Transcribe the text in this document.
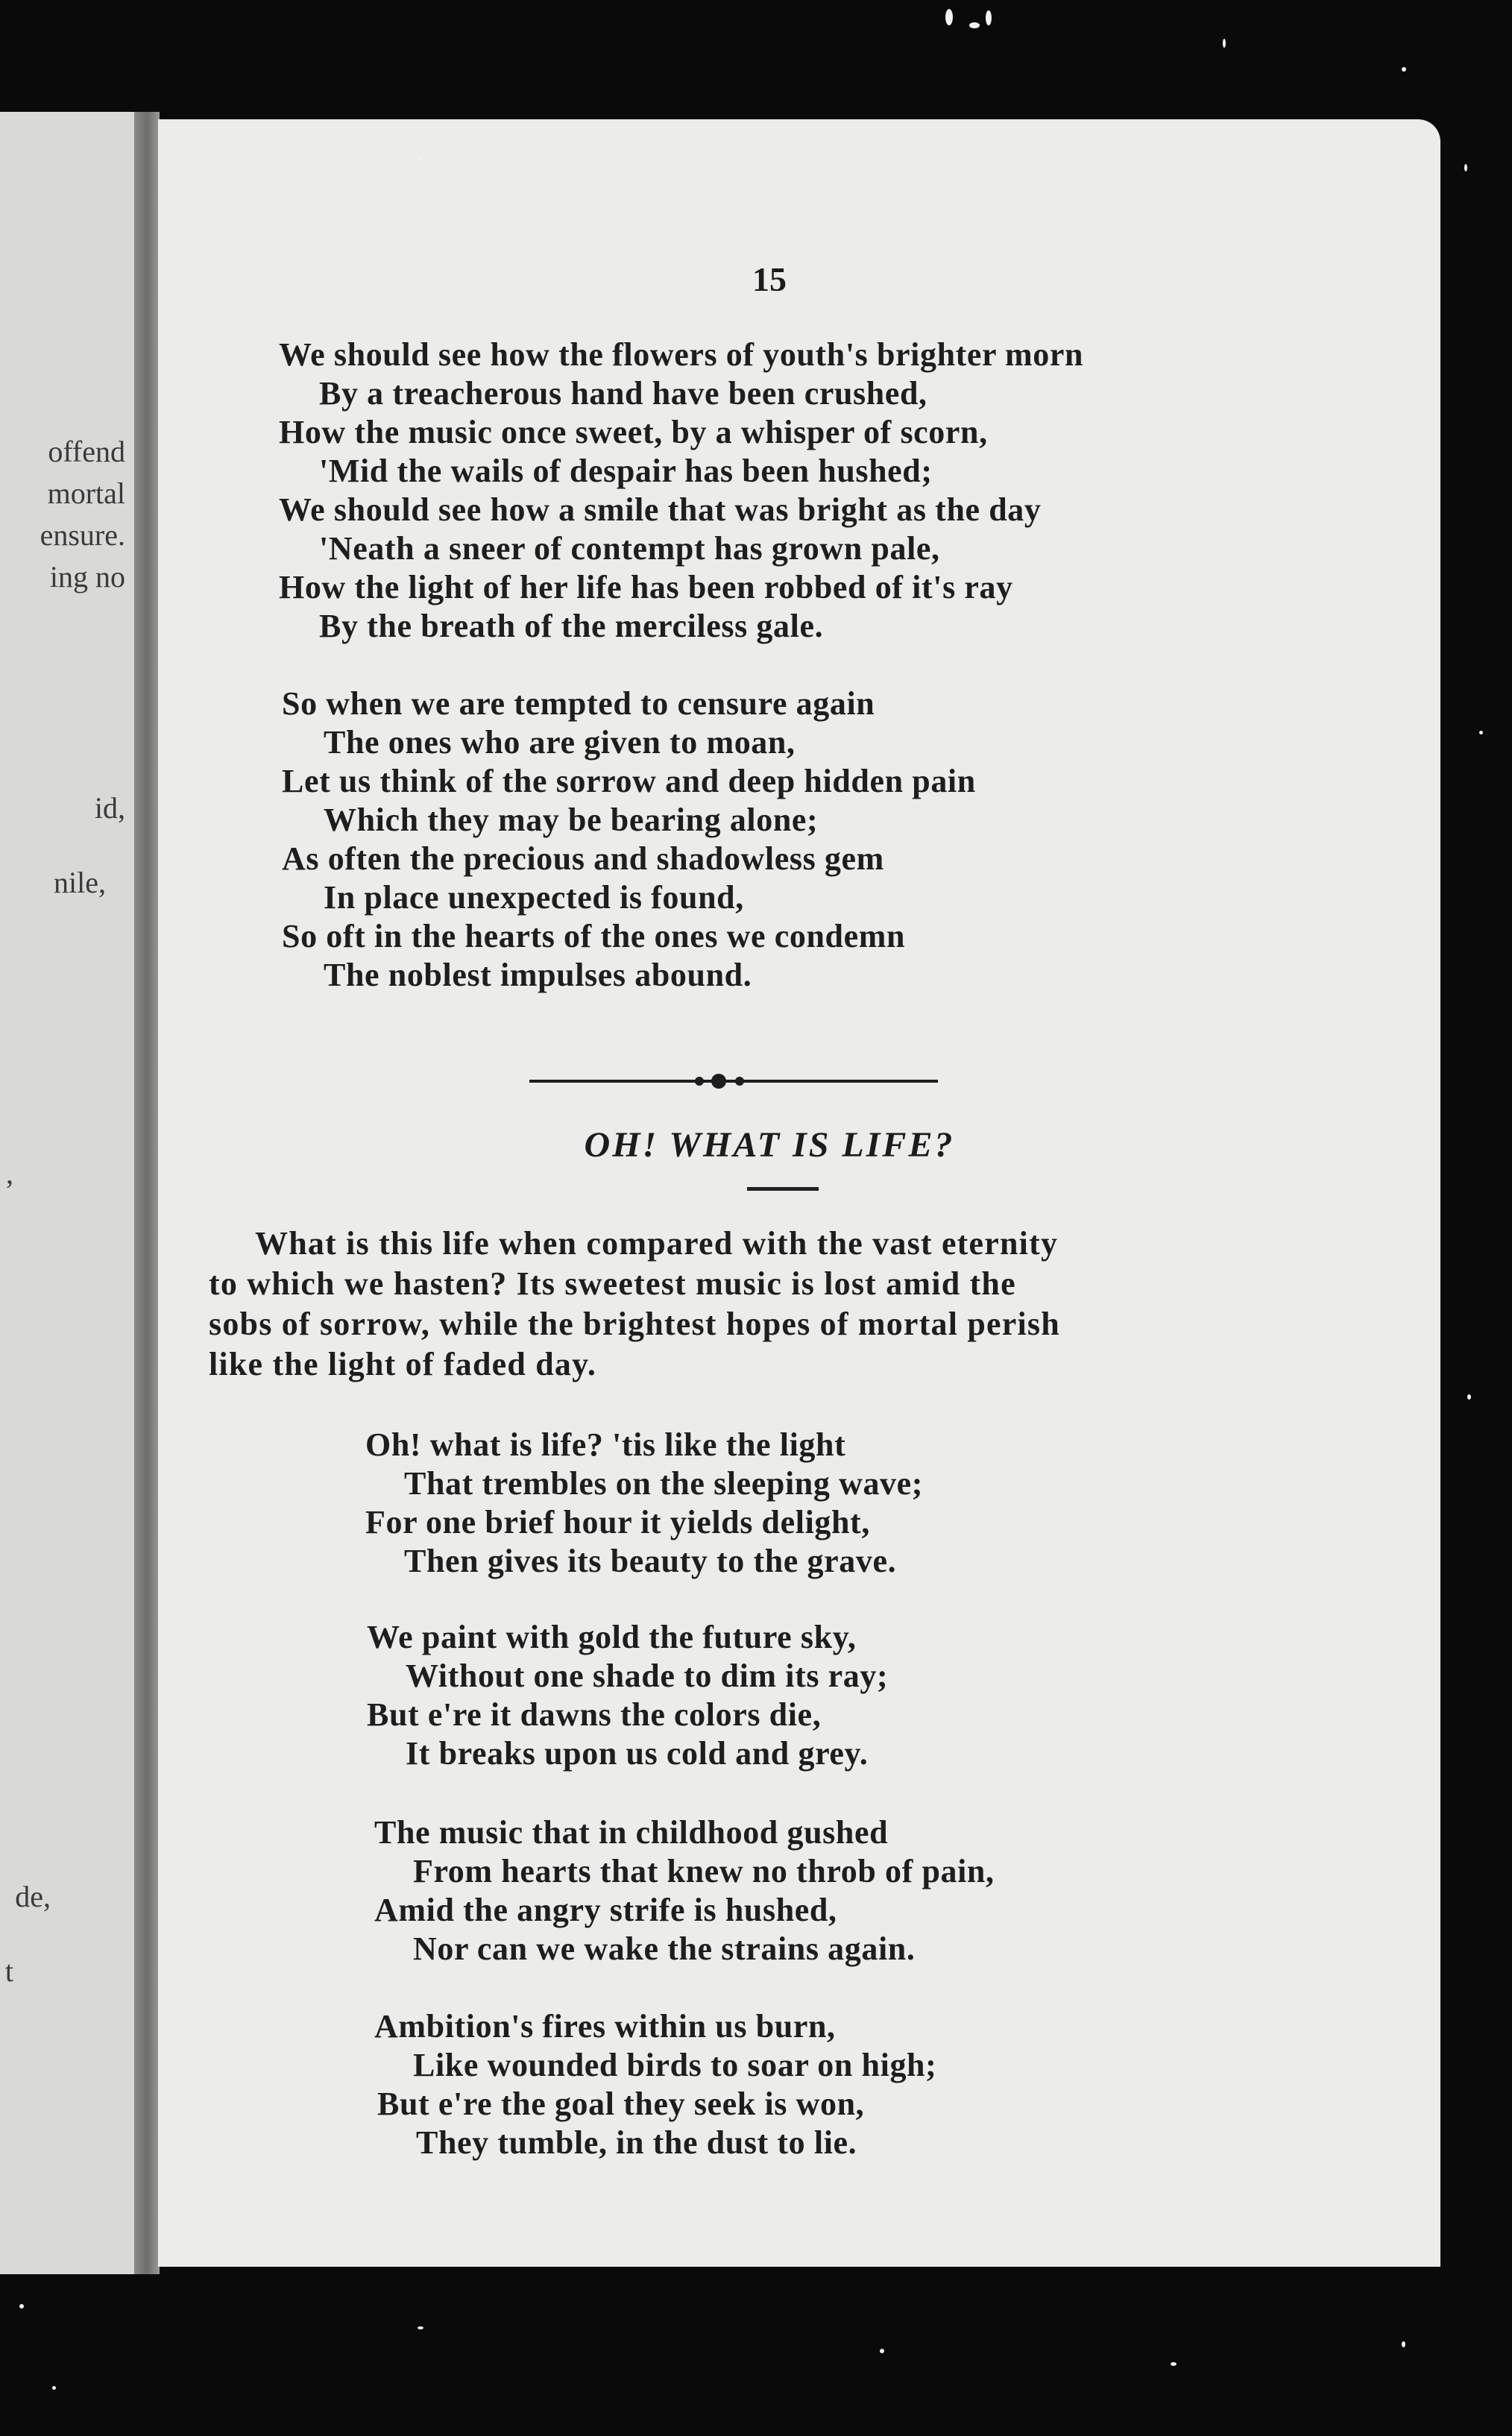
offend
mortal
ensure.
ing no
id,
nile,
,
de,
t
15
We should see how the flowers of youth's brighter morn
By a treacherous hand have been crushed,
How the music once sweet, by a whisper of scorn,
'Mid the wails of despair has been hushed;
We should see how a smile that was bright as the day
'Neath a sneer of contempt has grown pale,
How the light of her life has been robbed of it's ray
By the breath of the merciless gale.
So when we are tempted to censure again
The ones who are given to moan,
Let us think of the sorrow and deep hidden pain
Which they may be bearing alone;
As often the precious and shadowless gem
In place unexpected is found,
So oft in the hearts of the ones we condemn
The noblest impulses abound.
OH! WHAT IS LIFE?
What is this life when compared with the vast eternity
to which we hasten? Its sweetest music is lost amid the
sobs of sorrow, while the brightest hopes of mortal perish
like the light of faded day.
Oh! what is life? 'tis like the light
That trembles on the sleeping wave;
For one brief hour it yields delight,
Then gives its beauty to the grave.
We paint with gold the future sky,
Without one shade to dim its ray;
But e're it dawns the colors die,
It breaks upon us cold and grey.
The music that in childhood gushed
From hearts that knew no throb of pain,
Amid the angry strife is hushed,
Nor can we wake the strains again.
Ambition's fires within us burn,
Like wounded birds to soar on high;
But e're the goal they seek is won,
They tumble, in the dust to lie.
